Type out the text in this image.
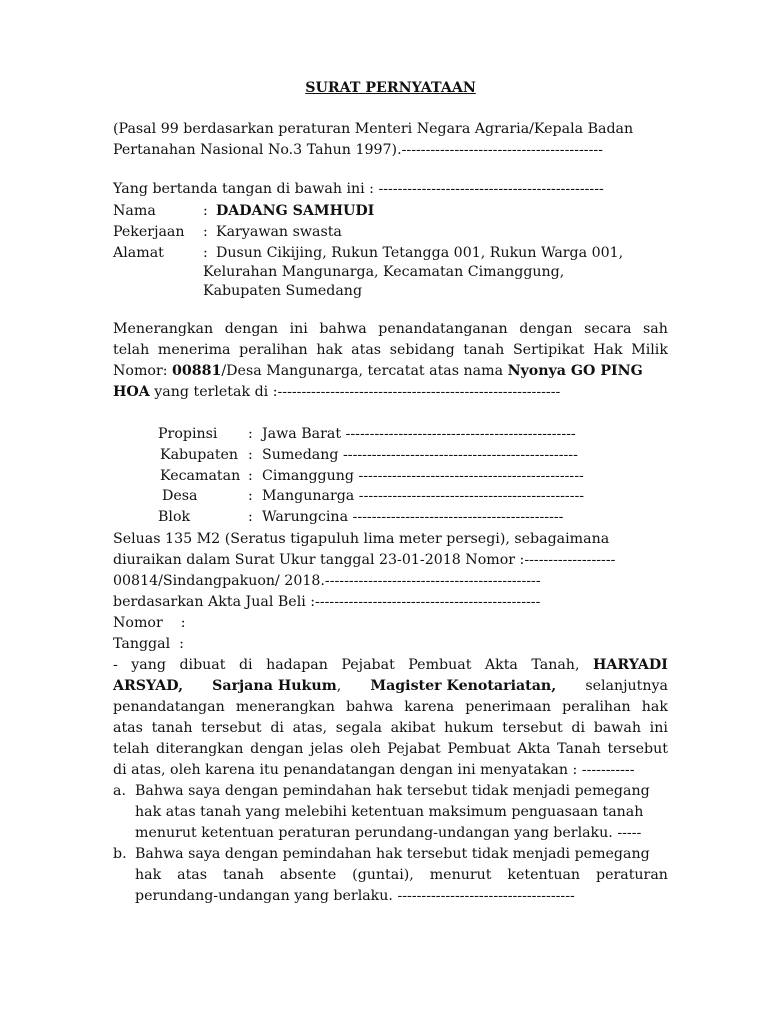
SURAT PERNYATAAN
(Pasal 99 berdasarkan peraturan Menteri Negara Agraria/Kepala Badan
Pertanahan Nasional No.3 Tahun 1997).------------------------------------------
Yang bertanda tangan di bawah ini : -----------------------------------------------
Nama	: DADANG SAMHUDI
Pekerjaan : Karyawan swasta
Alamat	: Dusun Cikijing, Rukun Tetangga 001, Rukun Warga 001,
Kelurahan Mangunarga, Kecamatan Cimanggung,
Kabupaten Sumedang
Menerangkan dengan ini bahwa penandatanganan dengan secara sah
telah menerima peralihan hak atas sebidang tanah Sertipikat Hak Milik
Nomor: 00881/Desa Mangunarga, tercatat atas nama Nyonya GO PING
HOA yang terletak di :-----------------------------------------------------------
Propinsi : Jawa Barat ------------------------------------------------
Kabupaten : Sumedang -------------------------------------------------
Kecamatan : Cimanggung -----------------------------------------------
Desa	: Mangunarga -----------------------------------------------
Blok	: Warungcina --------------------------------------------
Seluas 135 M2 (Seratus tigapuluh lima meter persegi), sebagaimana
diuraikan dalam Surat Ukur tanggal 23-01-2018 Nomor :-------------------
00814/Sindangpakuon/ 2018.---------------------------------------------
berdasarkan Akta Jual Beli :-----------------------------------------------
Nomor    :
Tanggal  :
- yang dibuat di hadapan Pejabat Pembuat Akta Tanah, HARYADI
ARSYAD, Sarjana Hukum, Magister Kenotariatan, selanjutnya
penandatangan menerangkan bahwa karena penerimaan peralihan hak
atas tanah tersebut di atas, segala akibat hukum tersebut di bawah ini
telah diterangkan dengan jelas oleh Pejabat Pembuat Akta Tanah tersebut
di atas, oleh karena itu penandatangan dengan ini menyatakan : -----------
a. Bahwa saya dengan pemindahan hak tersebut tidak menjadi pemegang
hak atas tanah yang melebihi ketentuan maksimum penguasaan tanah
menurut ketentuan peraturan perundang-undangan yang berlaku. -----
b. Bahwa saya dengan pemindahan hak tersebut tidak menjadi pemegang
hak atas tanah absente (guntai), menurut ketentuan peraturan
perundang-undangan yang berlaku. -------------------------------------
